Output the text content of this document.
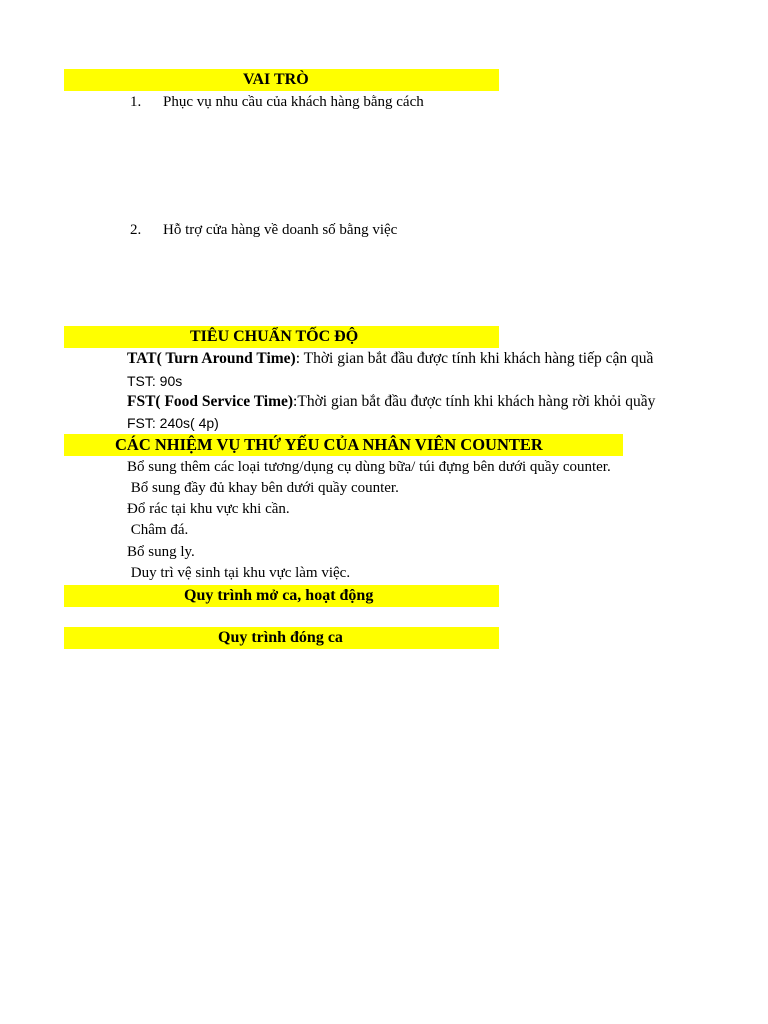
VAI TRÒ
1. Phục vụ nhu cầu của khách hàng bằng cách
2. Hỗ trợ cửa hàng về doanh số bằng việc
TIÊU CHUẨN TỐC ĐỘ
TAT( Turn Around Time): Thời gian bắt đầu được tính khi khách hàng tiếp cận quầ
TST: 90s
FST( Food Service Time):Thời gian bắt đầu được tính khi khách hàng rời khỏi quầy
FST: 240s( 4p)
CÁC NHIỆM VỤ THỨ YẾU CỦA NHÂN VIÊN COUNTER
Bổ sung thêm các loại tương/dụng cụ dùng bữa/ túi đựng bên dưới quầy counter.
Bổ sung đầy đủ khay bên dưới quầy counter.
Đổ rác tại khu vực khi cần.
Châm đá.
Bổ sung ly.
Duy trì vệ sinh tại khu vực làm việc.
Quy trình mở ca, hoạt động
Quy trình đóng ca
